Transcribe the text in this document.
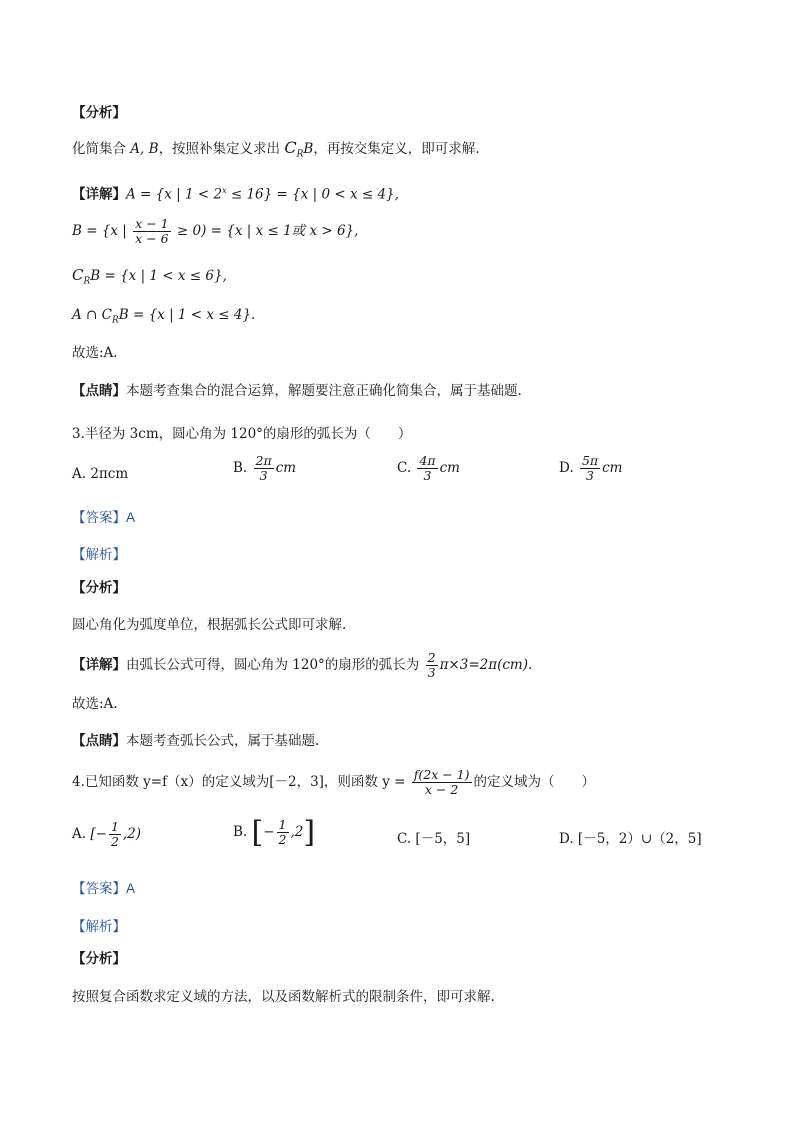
【分析】
化简集合 A, B，按照补集定义求出 $C_RB$，再按交集定义，即可求解.
【详解】A = {x | $1 < 2^x \le 16\} = \{x$ | 0 < x ≤ 4},
B = {x | $\frac{x - 1}{x - 6} \ge 0) = \{x$ | x ≤ 1或 x > 6},
$C_RB = \{x$ | 1 < x ≤ 6},
A ∩ $C_RB = \{x$ | 1 < x ≤ 4}.
故选:A.
【点睛】本题考查集合的混合运算，解题要注意正确化简集合，属于基础题.
3.半径为 3cm，圆心角为 120°的扇形的弧长为（　　）
A. 2πcm	B. $\frac{2\pi}{3}$ cm	C. $\frac{4\pi}{3}$ cm	D. $\frac{5\pi}{3}$ cm
【答案】A
【解析】
【分析】
圆心角化为弧度单位，根据弧长公式即可求解.
【详解】由弧长公式可得，圆心角为 120°的扇形的弧长为 $\frac{2}{3} \pi\times 3=2\pi(cm)$.
故选:A.
【点睛】本题考查弧长公式，属于基础题.
4.已知函数 y=f（x）的定义域为[－2，3]，则函数 $y = \frac{f(2x - 1)}{x - 2}$ 的定义域为（　　）
A. [− $\frac{1}{2} ,2$)	B. [− $\frac{1}{2} ,2$]	C. [－5，5]	D. [－5，2）∪（2，5]
【答案】A
【解析】
【分析】
按照复合函数求定义域的方法，以及函数解析式的限制条件，即可求解.
